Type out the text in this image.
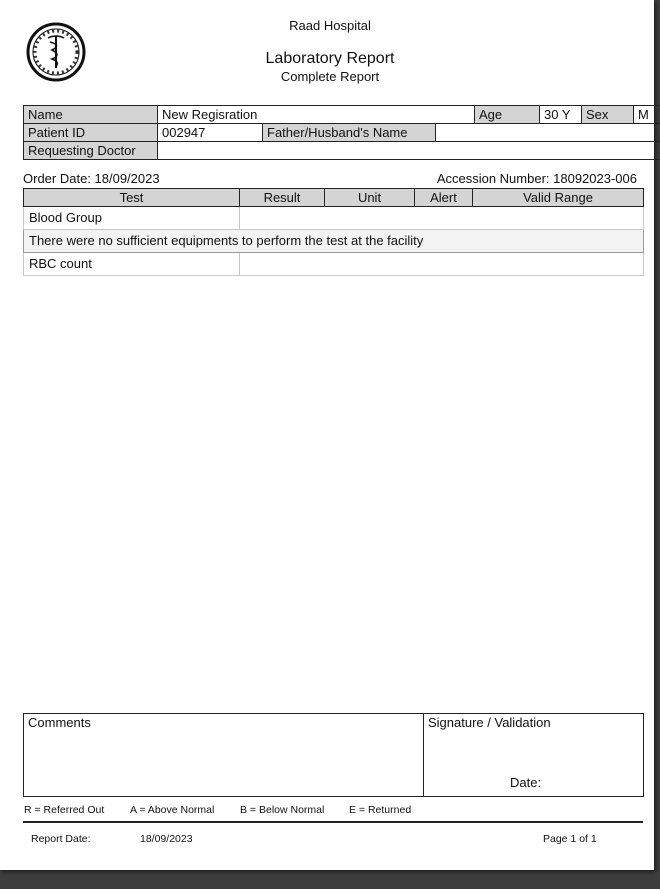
Raad Hospital
Laboratory Report
Complete Report
Name	New Regisration			Age	30 Y	Sex	M
Patient ID	002947	Father/Husband's Name					
Requesting Doctor							
Order Date: 18/09/2023	Accession Number: 18092023-006
Test	Result	Unit	Alert	Valid Range
Blood Group				
There were no sufficient equipments to perform the test at the facility				
RBC count				
Comments	Signature / Validation
Date:
R = Referred Out A = Above Normal B = Below Normal E = Returned
Report Date:	18/09/2023	Page 1 of 1
